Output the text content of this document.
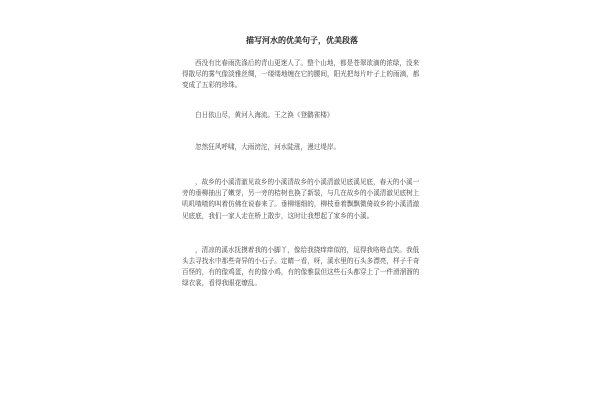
描写河水的优美句子，优美段落

西没有比春雨洗涤后的青山更迷人了。整个山地，都是苍翠欲滴的浓绿，没来得散尽的雾气像淡雅丝绸，一缕缕地缠在它的腰间，阳光把每片叶子上的雨滴，都变成了五彩的珍珠。

白日依山尽，黄河入海流。王之涣《登鹳雀楼》

忽然狂风呼啸，大雨滂沱，河水陡涨，漫过堤岸。

，故乡的小溪清澈见故乡的小溪清故乡的小溪清澈见底溪见底，春天的小溪一旁的垂柳抽出了嫩芽，另一旁的桔树也换了新装，与几在故乡的小溪清澈见底树上叽叽喳喳的叫着仿佛在说春来了。垂柳细细的，柳枝垂着飘飘微倚故乡的小溪清澈见底底，我们一家人走在桥上散步，这时让我想起了家乡的小溪。

，清凉的溪水抚摸着我的小脚丫，像给我挠痒痒似的，逗得我咯咯直笑。我低头去寻找水中那些奇异的小石子。定睛一看，呀，溪水里的石头多漂亮，样子千奇百怪的，有的像鸡蛋，有的像小鸡，有的像雅鼠但这些石头都穿上了一件滑溜溜的绿衣裳，看得我眼花缭乱。
